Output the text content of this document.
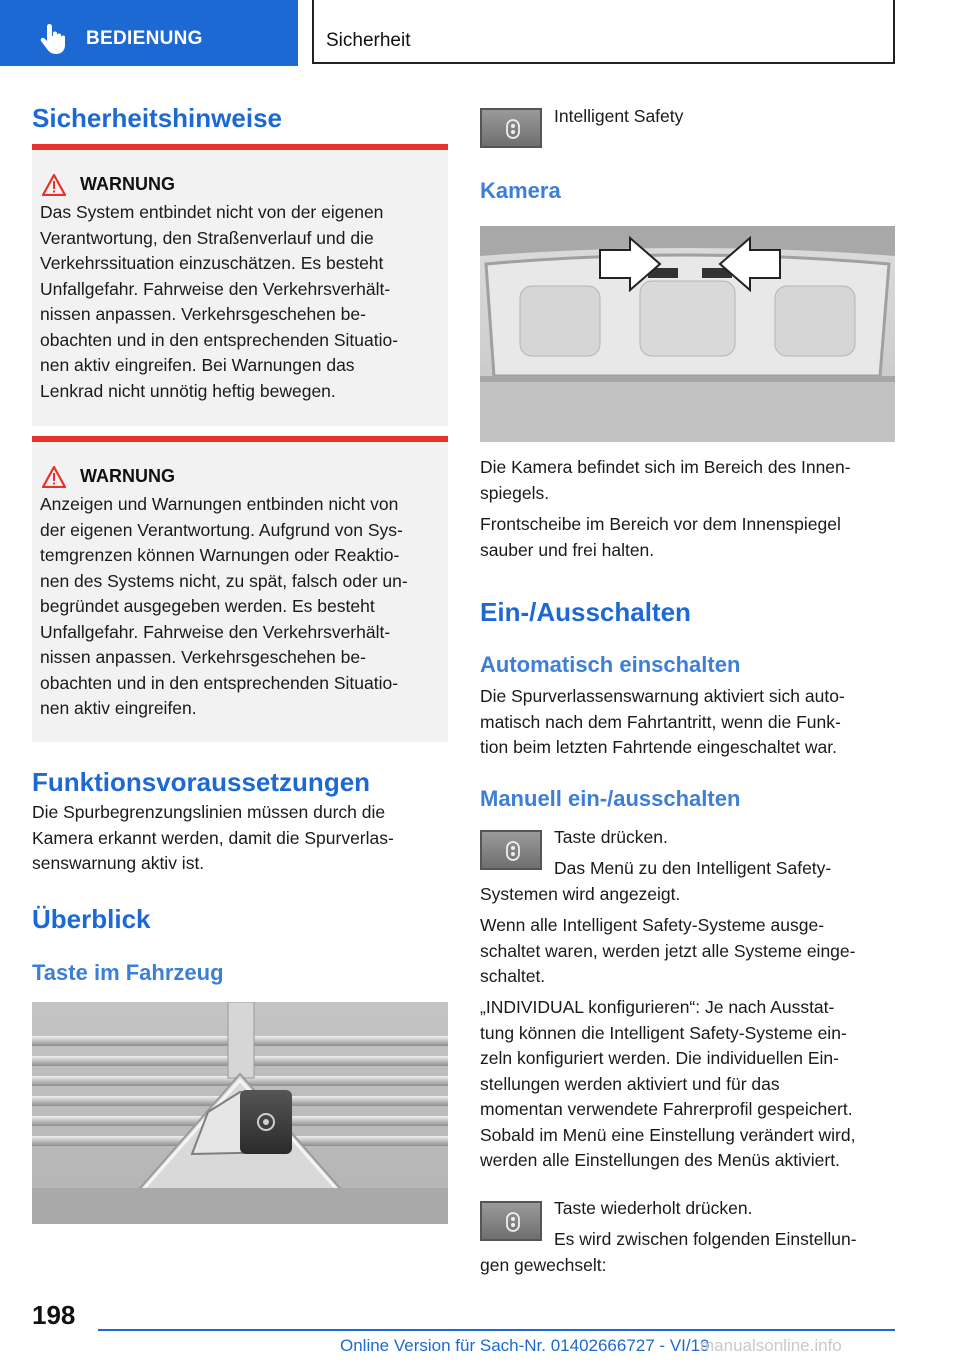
BEDIENUNG	Sicherheit
Sicherheitshinweise
WARNUNG

Das System entbindet nicht von der eigenen

Verantwortung, den Straßenverlauf und die

Verkehrssituation einzuschätzen. Es besteht

Unfallgefahr. Fahrweise den Verkehrsverhält-

nissen anpassen. Verkehrsgeschehen be-

obachten und in den entsprechenden Situatio-

nen aktiv eingreifen. Bei Warnungen das

Lenkrad nicht unnötig heftig bewegen.

WARNUNG

Anzeigen und Warnungen entbinden nicht von

der eigenen Verantwortung. Aufgrund von Sys-

temgrenzen können Warnungen oder Reaktio-

nen des Systems nicht, zu spät, falsch oder un-

begründet ausgegeben werden. Es besteht

Unfallgefahr. Fahrweise den Verkehrsverhält-

nissen anpassen. Verkehrsgeschehen be-

obachten und in den entsprechenden Situatio-

nen aktiv eingreifen.

Funktionsvoraussetzungen

Die Spurbegrenzungslinien müssen durch die

Kamera erkannt werden, damit die Spurverlas-

senswarnung aktiv ist.

Überblick
Taste im Fahrzeug
Intelligent Safety
Kamera

Die Kamera befindet sich im Bereich des Innen-

spiegels.

Frontscheibe im Bereich vor dem Innenspiegel

sauber und frei halten.

Ein-/Ausschalten
Automatisch einschalten

Die Spurverlassenswarnung aktiviert sich auto-

matisch nach dem Fahrtantritt, wenn die Funk-

tion beim letzten Fahrtende eingeschaltet war.

Manuell ein-/ausschalten
Taste drücken.
Das Menü zu den Intelligent Safety-
Systemen wird angezeigt.

Wenn alle Intelligent Safety-Systeme ausge-

schaltet waren, werden jetzt alle Systeme einge-

schaltet.

„INDIVIDUAL konfigurieren“: Je nach Ausstat-

tung können die Intelligent Safety-Systeme ein-

zeln konfiguriert werden. Die individuellen Ein-

stellungen werden aktiviert und für das

momentan verwendete Fahrerprofil gespeichert.

Sobald im Menü eine Einstellung verändert wird,

werden alle Einstellungen des Menüs aktiviert.

Taste wiederholt drücken.
Es wird zwischen folgenden Einstellun-
gen gewechselt:
198
Online Version für Sach-Nr. 01402666727 - VI/19
manualsonline.info
